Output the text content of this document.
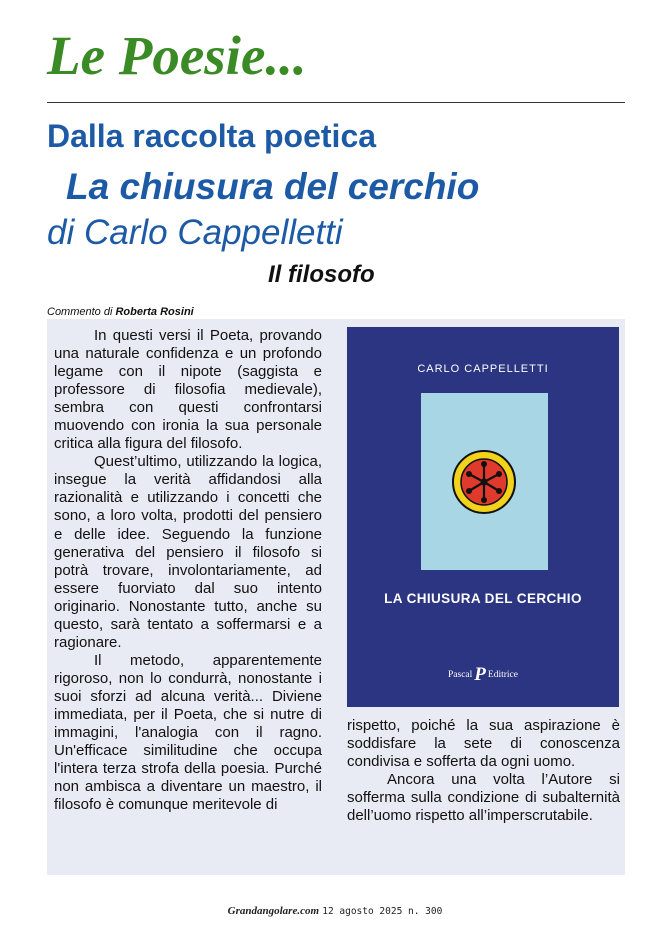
Le Poesie...
Dalla raccolta poetica
La chiusura del cerchio
di Carlo Cappelletti
Il filosofo
Commento di Roberta Rosini

In questi versi il Poeta, provando una naturale confidenza e un profondo legame con il nipote (saggista e professore di filosofia medievale), sembra con questi confrontarsi muovendo con ironia la sua personale critica alla figura del filosofo.

Quest’ultimo, utilizzando la logica, insegue la verità affidandosi alla razionalità e utilizzando i concetti che sono, a loro volta, prodotti del pensiero e delle idee. Seguendo la funzione generativa del pensiero il filosofo si potrà trovare, involontariamente, ad essere fuorviato dal suo intento originario. Nonostante tutto, anche su questo, sarà tentato a soffermarsi e a ragionare.

Il metodo, apparentemente rigoroso, non lo condurrà, nonostante i suoi sforzi ad alcuna verità... Diviene immediata, per il Poeta, che si nutre di immagini, l'analogia con il ragno. Un'efficace similitudine che occupa l'intera terza strofa della poesia. Purché non ambisca a diventare un maestro, il filosofo è comunque meritevole di

CARLO CAPPELLETTI
LA CHIUSURA DEL CERCHIO
Pascal P Editrice

rispetto, poiché la sua aspirazione è soddisfare la sete di conoscenza condivisa e sofferta da ogni uomo.

Ancora una volta l’Autore si sofferma sulla condizione di subalternità dell’uomo rispetto all’imperscrutabile.

Grandangolare.com 12 agosto 2025 n. 300
